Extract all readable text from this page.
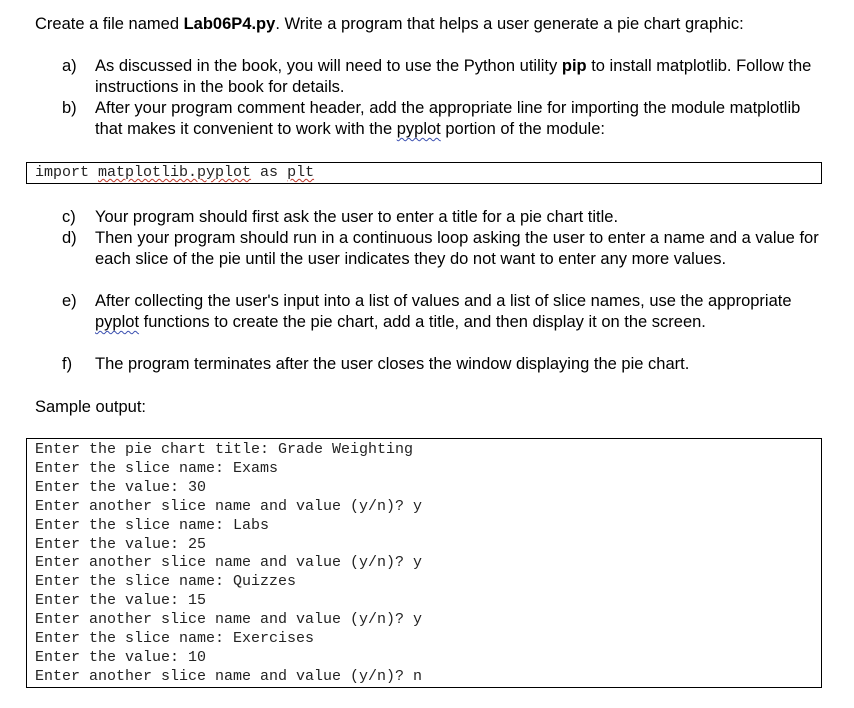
Create a file named Lab06P4.py. Write a program that helps a user generate a pie chart graphic:

a)	As discussed in the book, you will need to use the Python utility pip to install matplotlib. Follow the instructions in the book for details.
b)	After your program comment header, add the appropriate line for importing the module matplotlib that makes it convenient to work with the pyplot portion of the module:
import matplotlib.pyplot as plt
c)	Your program should first ask the user to enter a title for a pie chart title.
d)	Then your program should run in a continuous loop asking the user to enter a name and a value for each slice of the pie until the user indicates they do not want to enter any more values.
e)	After collecting the user's input into a list of values and a list of slice names, use the appropriate pyplot functions to create the pie chart, add a title, and then display it on the screen.
f)	The program terminates after the user closes the window displaying the pie chart.

Sample output:

Enter the pie chart title: Grade Weighting
Enter the slice name: Exams
Enter the value: 30
Enter another slice name and value (y/n)? y
Enter the slice name: Labs
Enter the value: 25
Enter another slice name and value (y/n)? y
Enter the slice name: Quizzes
Enter the value: 15
Enter another slice name and value (y/n)? y
Enter the slice name: Exercises
Enter the value: 10
Enter another slice name and value (y/n)? n
